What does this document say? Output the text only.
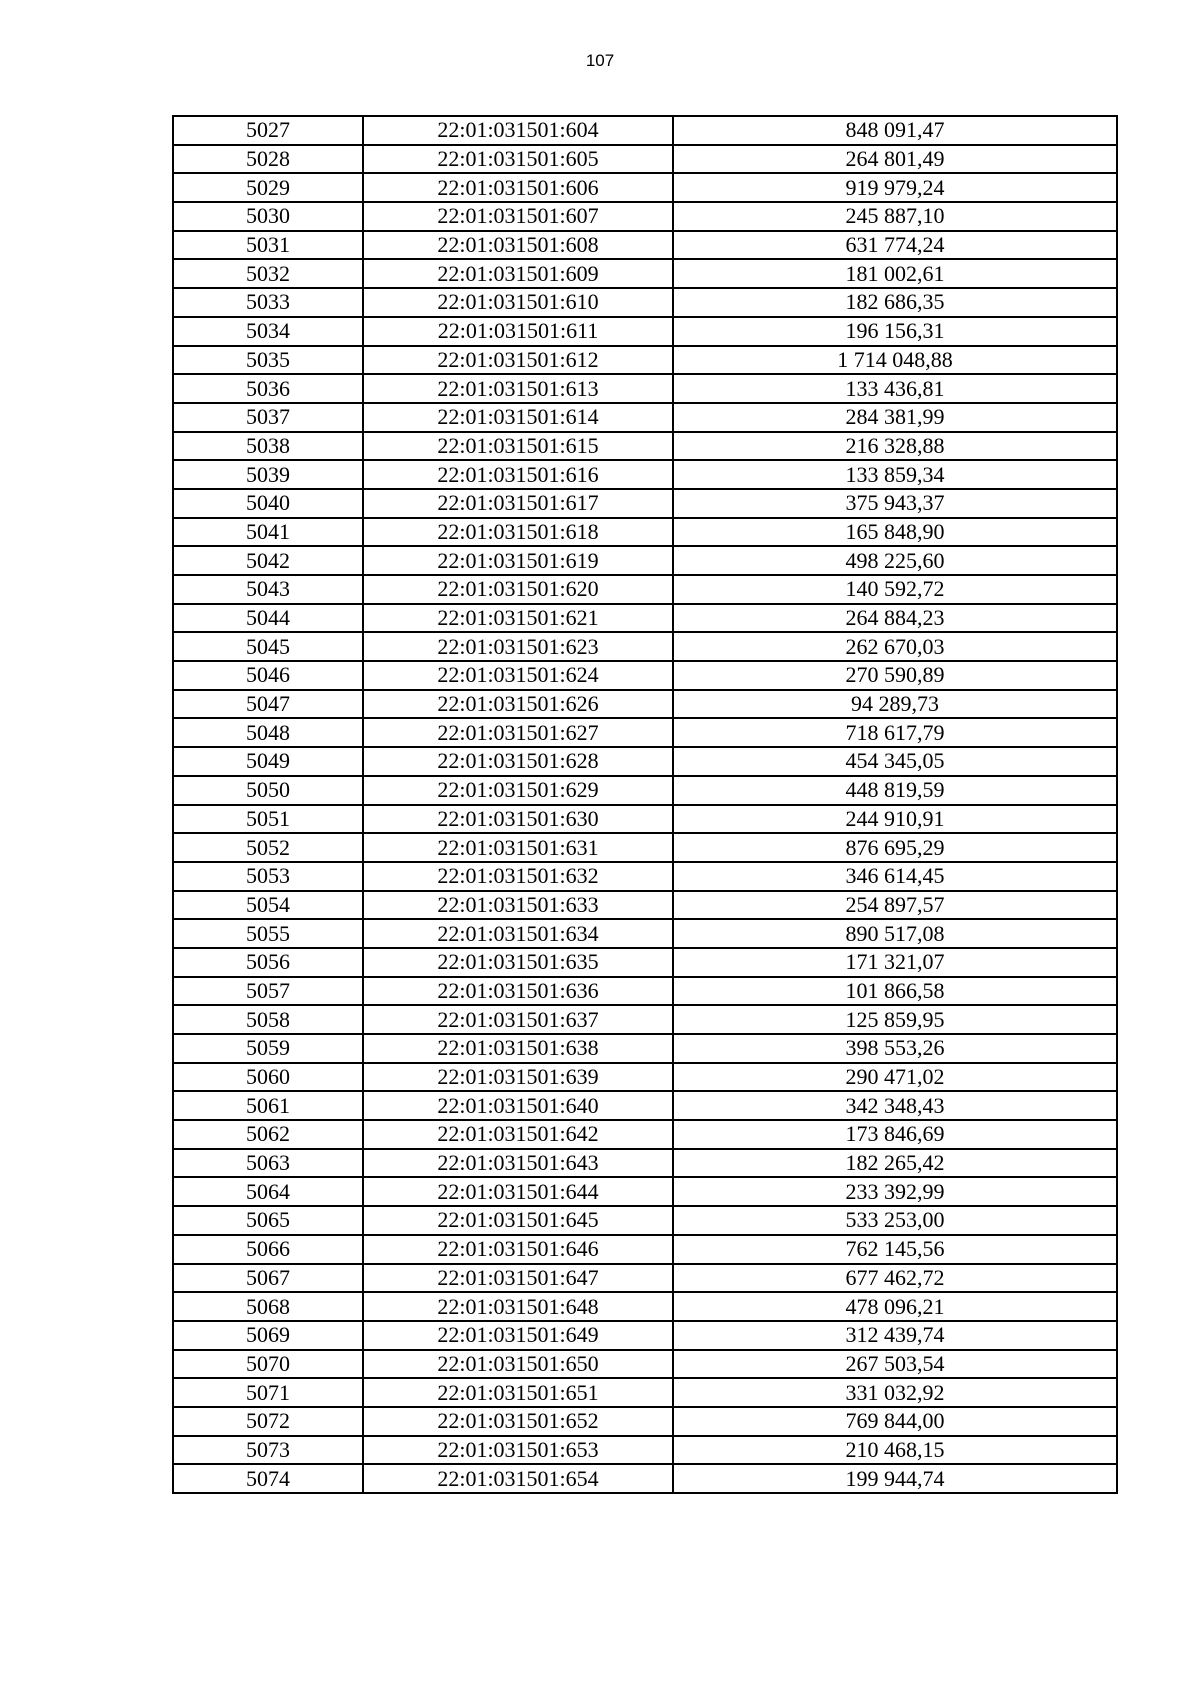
107
5027	22:01:031501:604	848 091,47
5028	22:01:031501:605	264 801,49
5029	22:01:031501:606	919 979,24
5030	22:01:031501:607	245 887,10
5031	22:01:031501:608	631 774,24
5032	22:01:031501:609	181 002,61
5033	22:01:031501:610	182 686,35
5034	22:01:031501:611	196 156,31
5035	22:01:031501:612	1 714 048,88
5036	22:01:031501:613	133 436,81
5037	22:01:031501:614	284 381,99
5038	22:01:031501:615	216 328,88
5039	22:01:031501:616	133 859,34
5040	22:01:031501:617	375 943,37
5041	22:01:031501:618	165 848,90
5042	22:01:031501:619	498 225,60
5043	22:01:031501:620	140 592,72
5044	22:01:031501:621	264 884,23
5045	22:01:031501:623	262 670,03
5046	22:01:031501:624	270 590,89
5047	22:01:031501:626	94 289,73
5048	22:01:031501:627	718 617,79
5049	22:01:031501:628	454 345,05
5050	22:01:031501:629	448 819,59
5051	22:01:031501:630	244 910,91
5052	22:01:031501:631	876 695,29
5053	22:01:031501:632	346 614,45
5054	22:01:031501:633	254 897,57
5055	22:01:031501:634	890 517,08
5056	22:01:031501:635	171 321,07
5057	22:01:031501:636	101 866,58
5058	22:01:031501:637	125 859,95
5059	22:01:031501:638	398 553,26
5060	22:01:031501:639	290 471,02
5061	22:01:031501:640	342 348,43
5062	22:01:031501:642	173 846,69
5063	22:01:031501:643	182 265,42
5064	22:01:031501:644	233 392,99
5065	22:01:031501:645	533 253,00
5066	22:01:031501:646	762 145,56
5067	22:01:031501:647	677 462,72
5068	22:01:031501:648	478 096,21
5069	22:01:031501:649	312 439,74
5070	22:01:031501:650	267 503,54
5071	22:01:031501:651	331 032,92
5072	22:01:031501:652	769 844,00
5073	22:01:031501:653	210 468,15
5074	22:01:031501:654	199 944,74
